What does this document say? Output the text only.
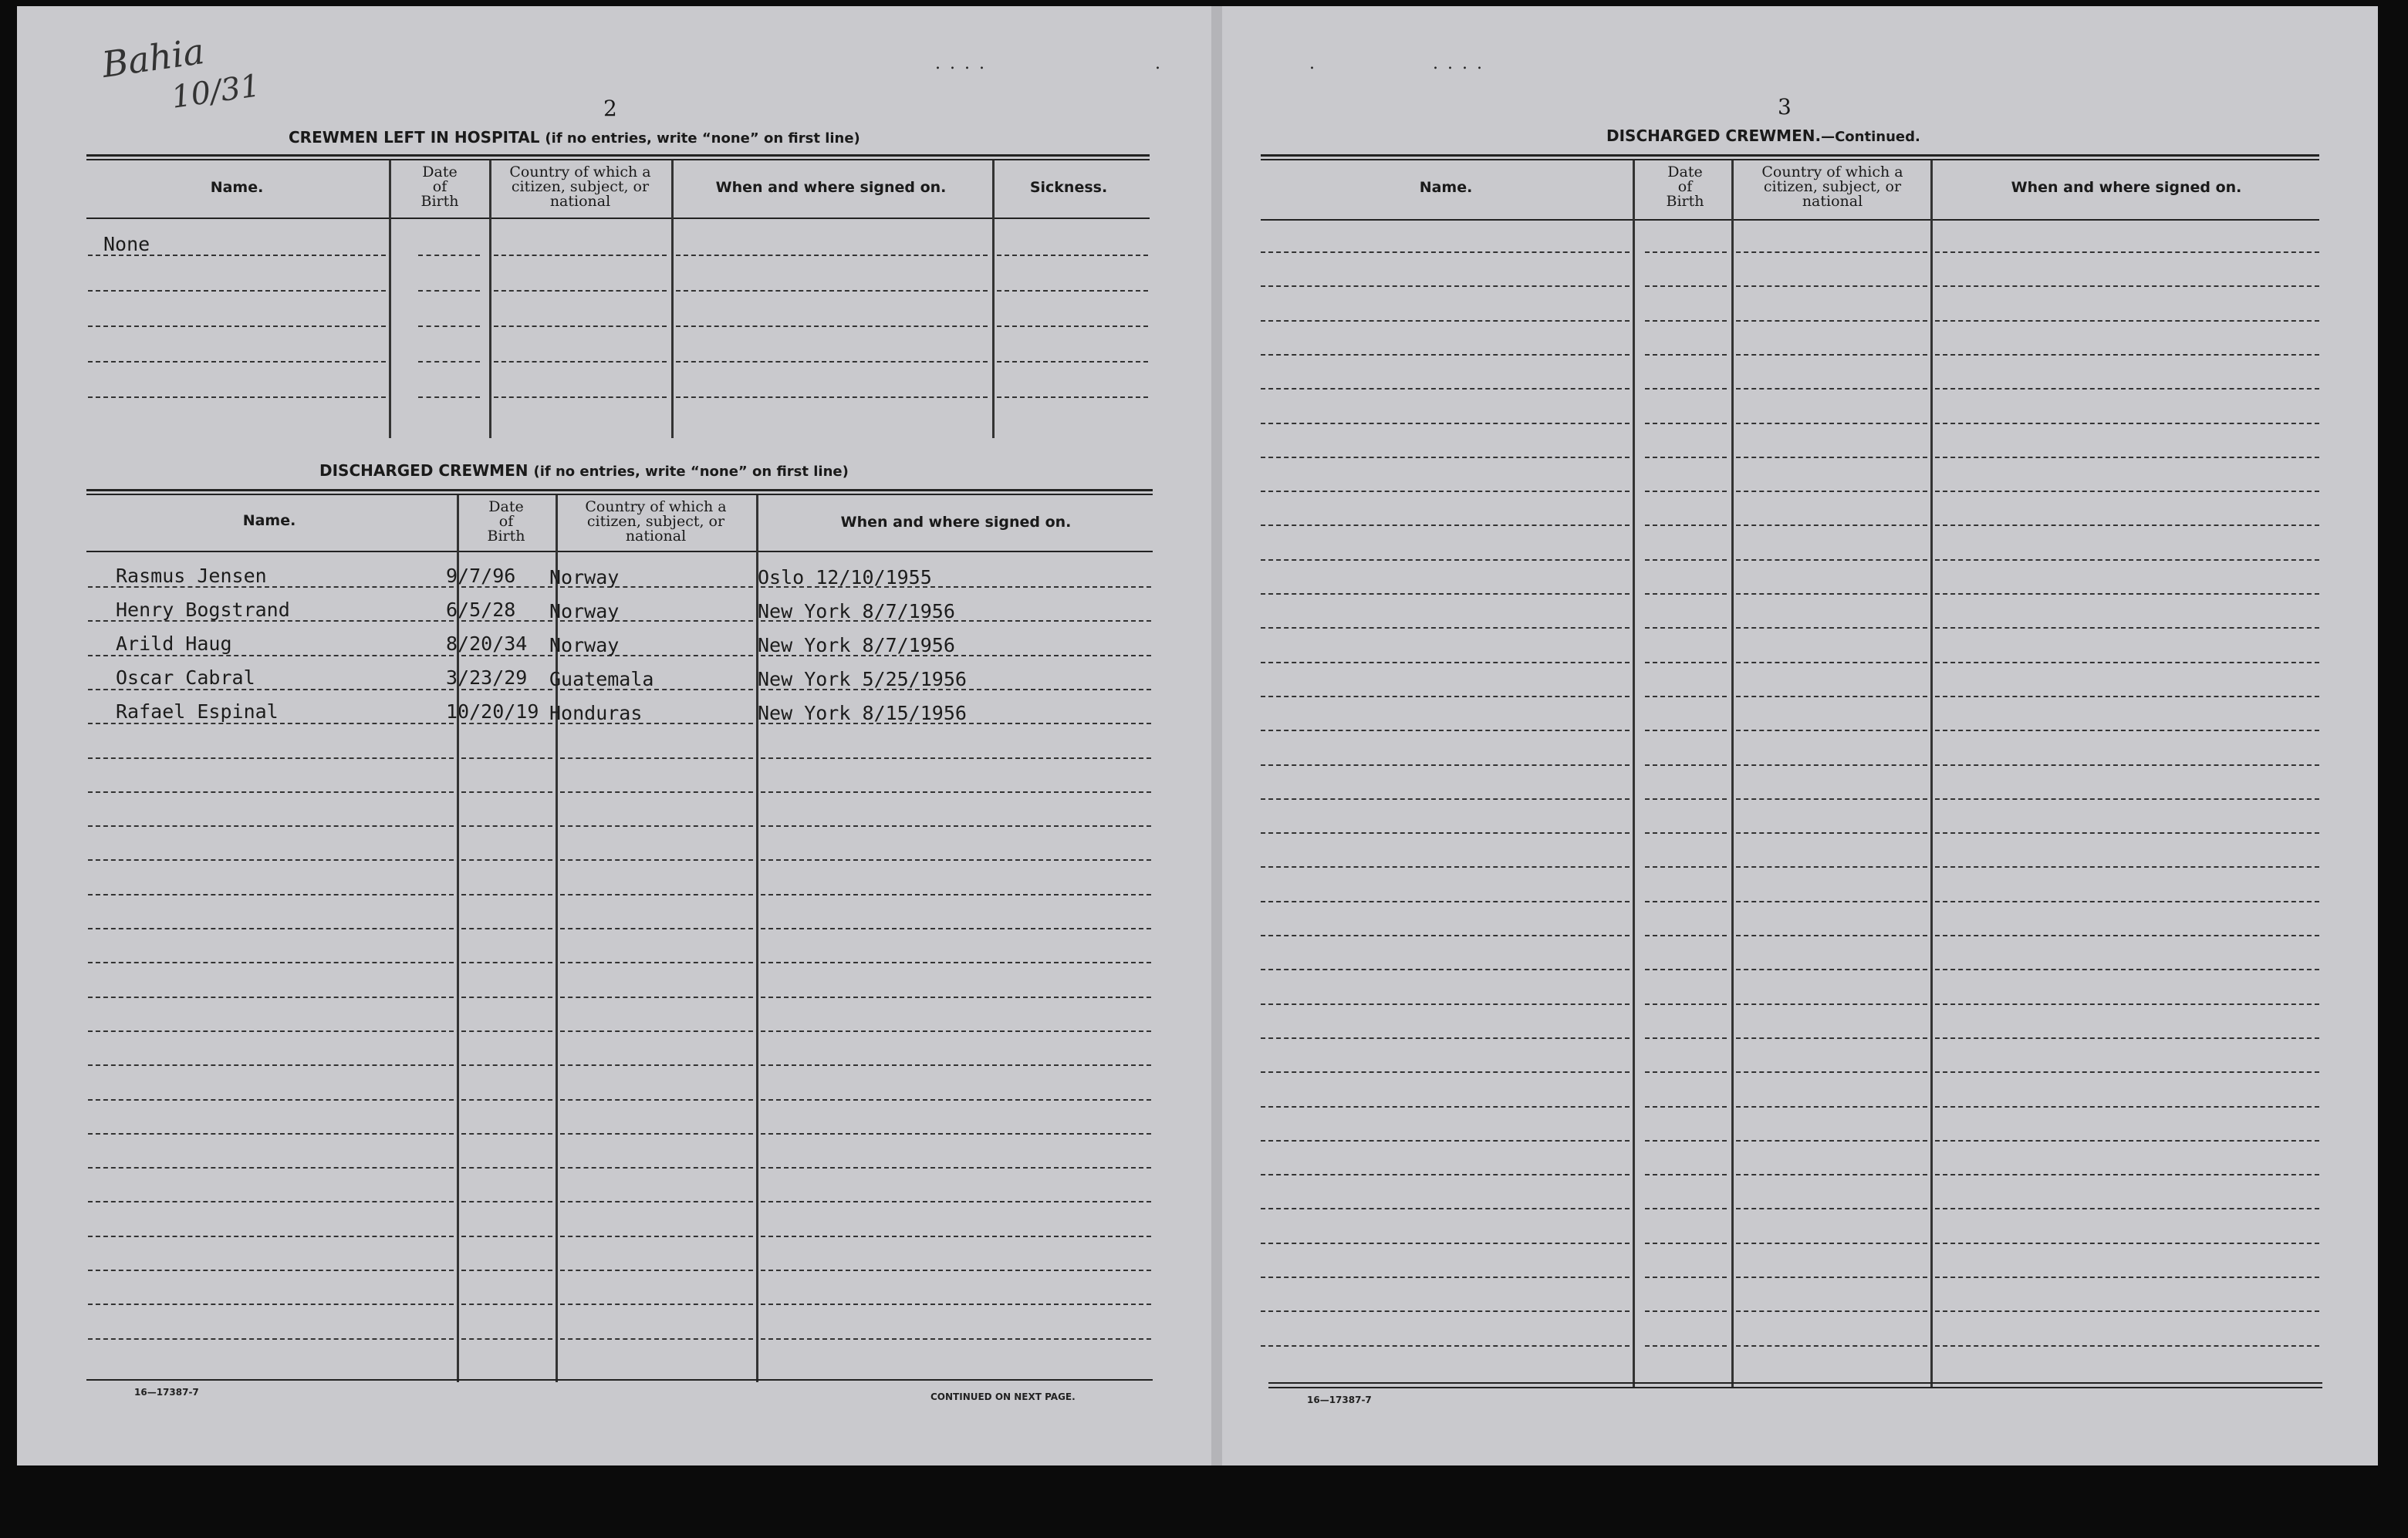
....	.	.	....
Bahia
10/31	2
CREWMEN LEFT IN HOSPITAL (if no entries, write “none” on first line)
Name.
Date
of
Birth
Country of which a
citizen, subject, or
national
When and where signed on.	Sickness.
None
DISCHARGED CREWMEN (if no entries, write “none” on first line)
Name.
Date
of
Birth
Country of which a
citizen, subject, or
national
When and where signed on.
Rasmus Jensen	9/7/96 Norway	Oslo 12/10/1955
Henry Bogstrand	6/5/28 Norway	New York 8/7/1956
Arild Haug	8/20/34 Norway	New York 8/7/1956
Oscar Cabral	3/23/29 Guatemala	New York 5/25/1956
Rafael Espinal	10/20/19 Honduras	New York 8/15/1956
16—17387-7	CONTINUED ON NEXT PAGE.
3
DISCHARGED CREWMEN.—Continued.
Name.
Date
of
Birth
Country of which a
citizen, subject, or
national
When and where signed on.
16—17387-7
